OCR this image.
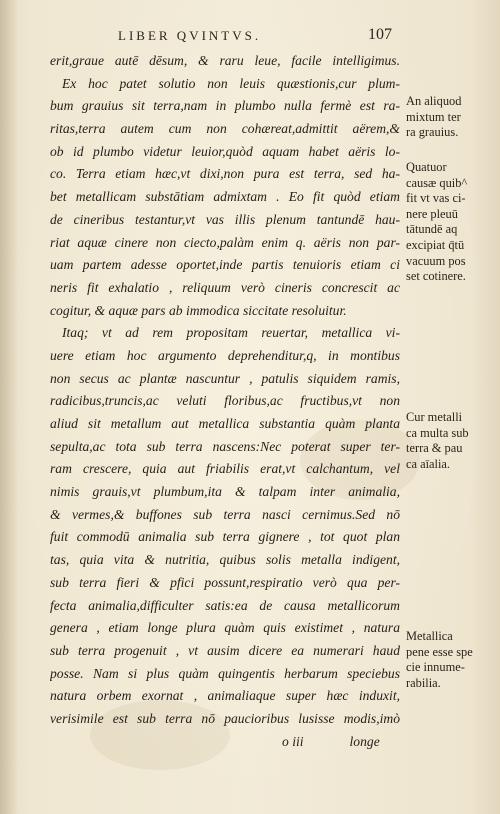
LIBER QVINTVS.	107
erit,graue autē dēsum, & raru leue, facile intelligimus.
Ex hoc patet solutio non leuis quæstionis,cur plum-
bum grauius sit terra,nam in plumbo nulla fermè est ra-
ritas,terra autem cum non cohæreat,admittit aërem,&
ob id plumbo videtur leuior,quòd aquam habet aëris lo-
co. Terra etiam hæc,vt dixi,non pura est terra, sed ha-
bet metallicam substātiam admixtam . Eo fit quòd etiam
de cineribus testantur,vt vas illis plenum tantundē hau-
riat aquæ cinere non ciecto,palàm enim q. aëris non par-
uam partem adesse oportet,inde partis tenuioris etiam ci
neris fit exhalatio , reliquum verò cineris concrescit ac
cogitur, & aquæ pars ab immodica siccitate resoluitur.
Itaq; vt ad rem propositam reuertar, metallica vi-
uere etiam hoc argumento deprehenditur,q, in montibus
non secus ac plantæ nascuntur , patulis siquidem ramis,
radicibus,truncis,ac veluti floribus,ac fructibus,vt non
aliud sit metallum aut metallica substantia quàm planta
sepulta,ac tota sub terra nascens:Nec poterat super ter-
ram crescere, quia aut friabilis erat,vt calchantum, vel
nimis grauis,vt plumbum,ita & talpam inter animalia,
& vermes,& buffones sub terra nasci cernimus.Sed nō
fuit commodū animalia sub terra gignere , tot quot plan
tas, quia vita & nutritia, quibus solis metalla indigent,
sub terra fieri & pfici possunt,respiratio verò qua per-
fecta animalia,difficulter satis:ea de causa metallicorum
genera , etiam longe plura quàm quis existimet , natura
sub terra progenuit , vt ausim dicere ea numerari haud
posse. Nam si plus quàm quingentis herbarum speciebus
natura orbem exornat , animaliaque super hæc induxit,
verisimile est sub terra nō paucioribus lusisse modis,imò
o iii	longe
An aliquod
mixtum ter
ra grauius.
Quatuor
causæ quib^
fit vt vas ci-
nere pleuū
tātundē aq
excipiat q̄tū
vacuum pos
set cotinere.
Cur metalli
ca multa sub
terra & pau
ca aīalia.
Metallica
pene esse spe
cie innume-
rabilia.
